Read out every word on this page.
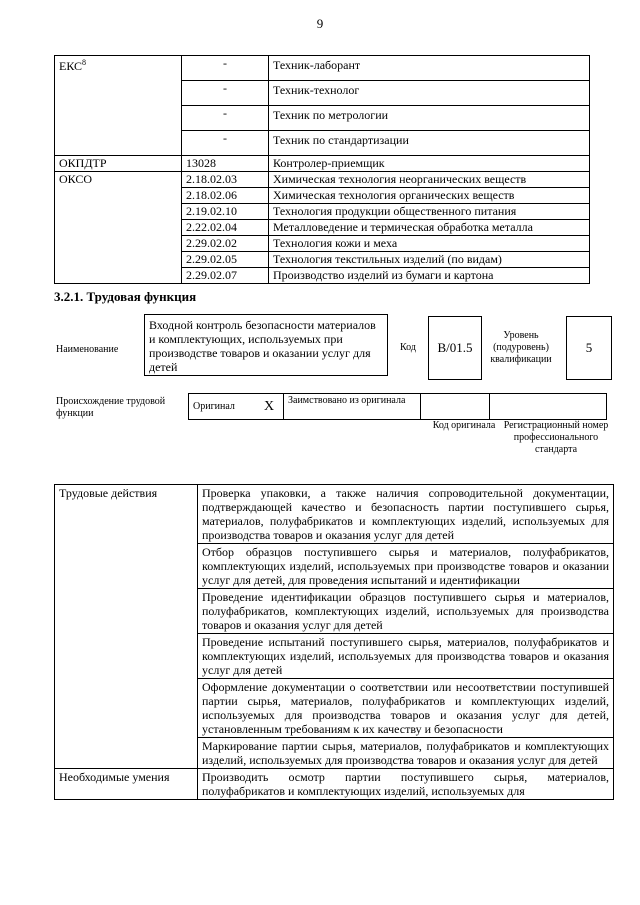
9
ЕКС$^8$	-	Техник-лаборант
	-	Техник-технолог
	-	Техник по метрологии
	-	Техник по стандартизации
ОКПДТР	13028	Контролер-приемщик
ОКСО	2.18.02.03	Химическая технология неорганических веществ
	2.18.02.06	Химическая технология органических веществ
	2.19.02.10	Технология продукции общественного питания
	2.22.02.04	Металловедение и термическая обработка металла
	2.29.02.02	Технология кожи и меха
	2.29.02.05	Технология текстильных изделий (по видам)
	2.29.02.07	Производство изделий из бумаги и картона
3.2.1. Трудовая функция
Наименование
Входной контроль безопасности материалов и комплектующих, используемых при производстве товаров и оказании услуг для детей
Код	В/01.5
Уровень (подуровень) квалификации
5
Происхождение трудовой функции
Оригинал	X	Заимствовано из оригинала		
Код оригинала Регистрационный номер профессионального стандарта
Трудовые действия	Проверка упаковки, а также наличия сопроводительной документации, подтверждающей качество и безопасность партии поступившего сырья, материалов, полуфабрикатов и комплектующих изделий, используемых для производства товаров и оказания услуг для детей
	Отбор образцов поступившего сырья и материалов, полуфабрикатов, комплектующих изделий, используемых при производстве товаров и оказании услуг для детей, для проведения испытаний и идентификации
	Проведение идентификации образцов поступившего сырья и материалов, полуфабрикатов, комплектующих изделий, используемых для производства товаров и оказания услуг для детей
	Проведение испытаний поступившего сырья, материалов, полуфабрикатов и комплектующих изделий, используемых для производства товаров и оказания услуг для детей
	Оформление документации о соответствии или несоответствии поступившей партии сырья, материалов, полуфабрикатов и комплектующих изделий, используемых для производства товаров и оказания услуг для детей, установленным требованиям к их качеству и безопасности
	Маркирование партии сырья, материалов, полуфабрикатов и комплектующих изделий, используемых для производства товаров и оказания услуг для детей
Необходимые умения	Производить осмотр партии поступившего сырья, материалов, полуфабрикатов и комплектующих изделий, используемых для
